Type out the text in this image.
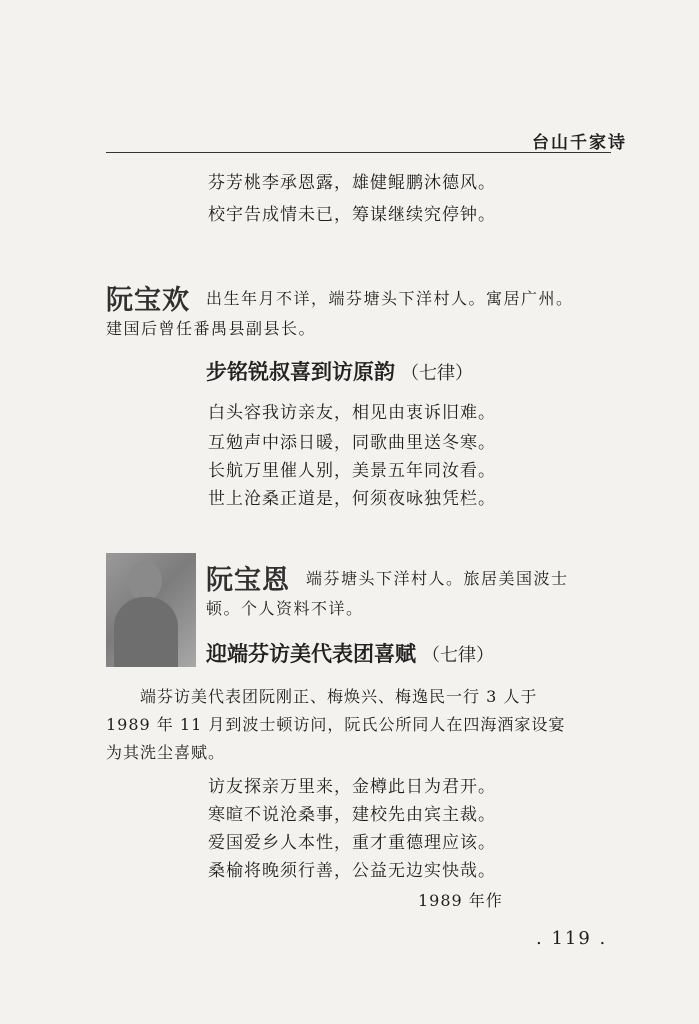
台山千家诗
芬芳桃李承恩露，雄健鲲鹏沐德风。
校宇告成情未已，筹谋继续究停钟。
阮宝欢 出生年月不详，端芬塘头下洋村人。寓居广州。
建国后曾任番禺县副县长。
步铭锐叔喜到访原韵 （七律）
白头容我访亲友，相见由衷诉旧难。
互勉声中添日暖，同歌曲里送冬寒。
长航万里催人别，美景五年同汝看。
世上沧桑正道是，何须夜咏独凭栏。
阮宝恩 端芬塘头下洋村人。旅居美国波士
顿。个人资料不详。
迎端芬访美代表团喜赋 （七律）
端芬访美代表团阮刚正、梅焕兴、梅逸民一行 3 人于
1989 年 11 月到波士顿访问，阮氏公所同人在四海酒家设宴
为其洗尘喜赋。
访友探亲万里来，金樽此日为君开。
寒暄不说沧桑事，建校先由宾主裁。
爱国爱乡人本性，重才重德理应该。
桑榆将晚须行善，公益无边实快哉。
1989 年作
. 119 .
